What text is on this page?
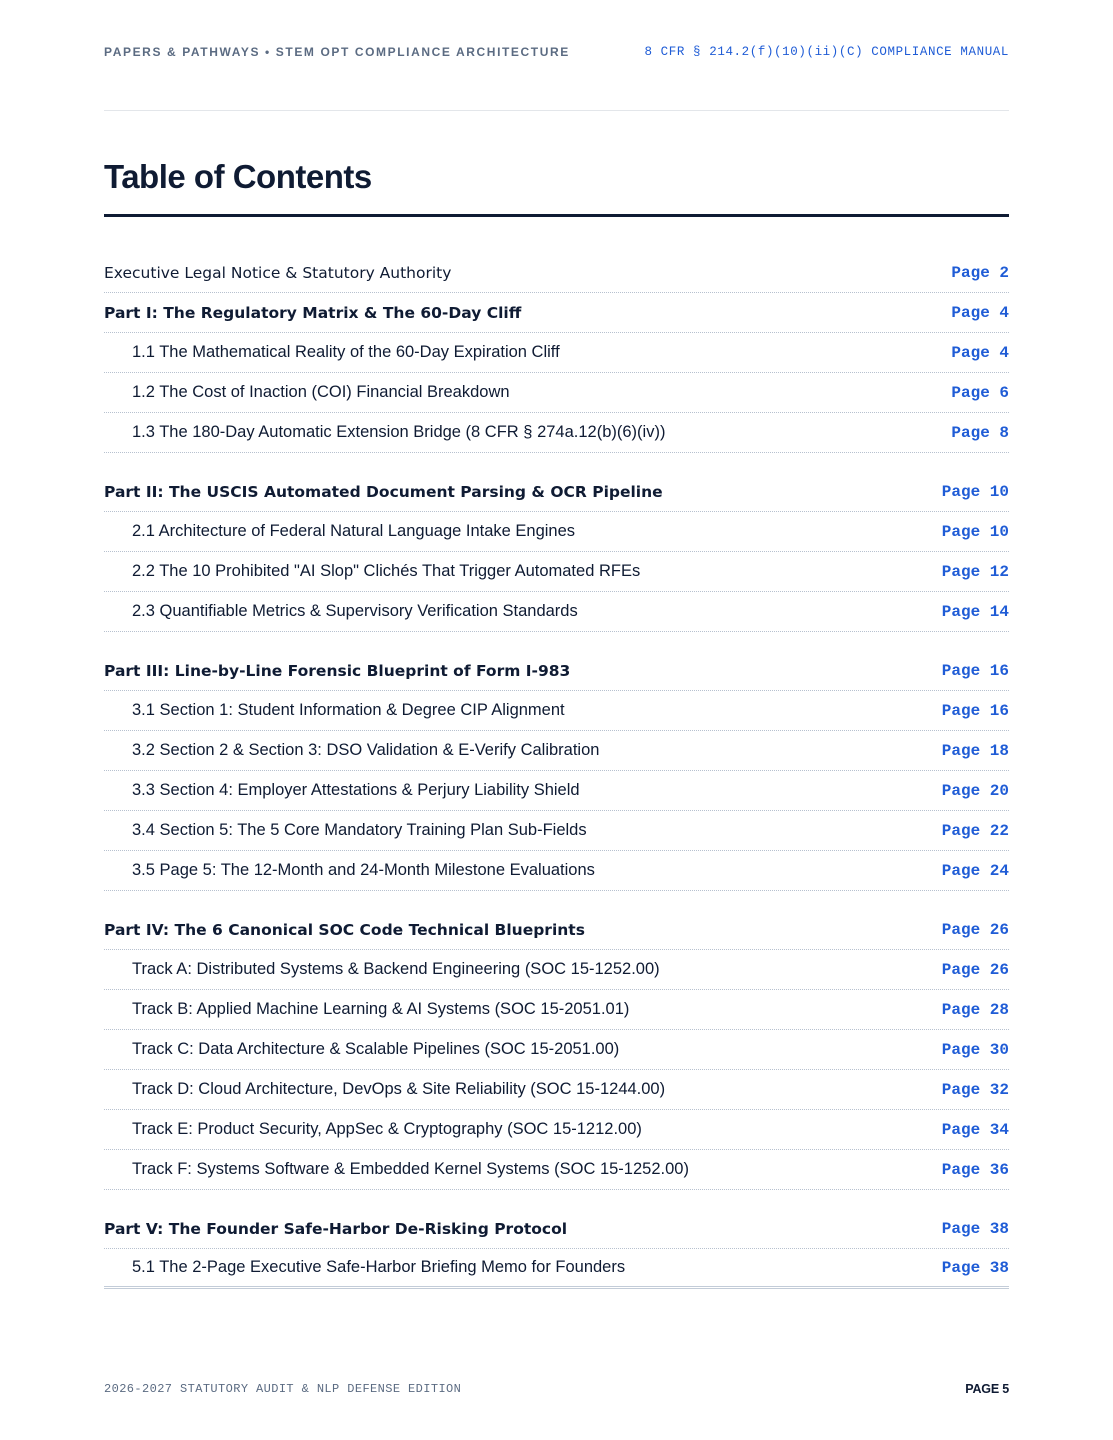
PAPERS & PATHWAYS • STEM OPT COMPLIANCE ARCHITECTURE	8 CFR § 214.2(f)(10)(ii)(C) COMPLIANCE MANUAL
Table of Contents
Executive Legal Notice & Statutory Authority	Page 2
Part I: The Regulatory Matrix & The 60-Day Cliff	Page 4
1.1 The Mathematical Reality of the 60-Day Expiration Cliff	Page 4
1.2 The Cost of Inaction (COI) Financial Breakdown	Page 6
1.3 The 180-Day Automatic Extension Bridge (8 CFR § 274a.12(b)(6)(iv))	Page 8
Part II: The USCIS Automated Document Parsing & OCR Pipeline	Page 10
2.1 Architecture of Federal Natural Language Intake Engines	Page 10
2.2 The 10 Prohibited "AI Slop" Clichés That Trigger Automated RFEs	Page 12
2.3 Quantifiable Metrics & Supervisory Verification Standards	Page 14
Part III: Line-by-Line Forensic Blueprint of Form I-983	Page 16
3.1 Section 1: Student Information & Degree CIP Alignment	Page 16
3.2 Section 2 & Section 3: DSO Validation & E-Verify Calibration	Page 18
3.3 Section 4: Employer Attestations & Perjury Liability Shield	Page 20
3.4 Section 5: The 5 Core Mandatory Training Plan Sub-Fields	Page 22
3.5 Page 5: The 12-Month and 24-Month Milestone Evaluations	Page 24
Part IV: The 6 Canonical SOC Code Technical Blueprints	Page 26
Track A: Distributed Systems & Backend Engineering (SOC 15-1252.00)	Page 26
Track B: Applied Machine Learning & AI Systems (SOC 15-2051.01)	Page 28
Track C: Data Architecture & Scalable Pipelines (SOC 15-2051.00)	Page 30
Track D: Cloud Architecture, DevOps & Site Reliability (SOC 15-1244.00)	Page 32
Track E: Product Security, AppSec & Cryptography (SOC 15-1212.00)	Page 34
Track F: Systems Software & Embedded Kernel Systems (SOC 15-1252.00)	Page 36
Part V: The Founder Safe-Harbor De-Risking Protocol	Page 38
5.1 The 2-Page Executive Safe-Harbor Briefing Memo for Founders	Page 38
2026-2027 STATUTORY AUDIT & NLP DEFENSE EDITION	PAGE 5
